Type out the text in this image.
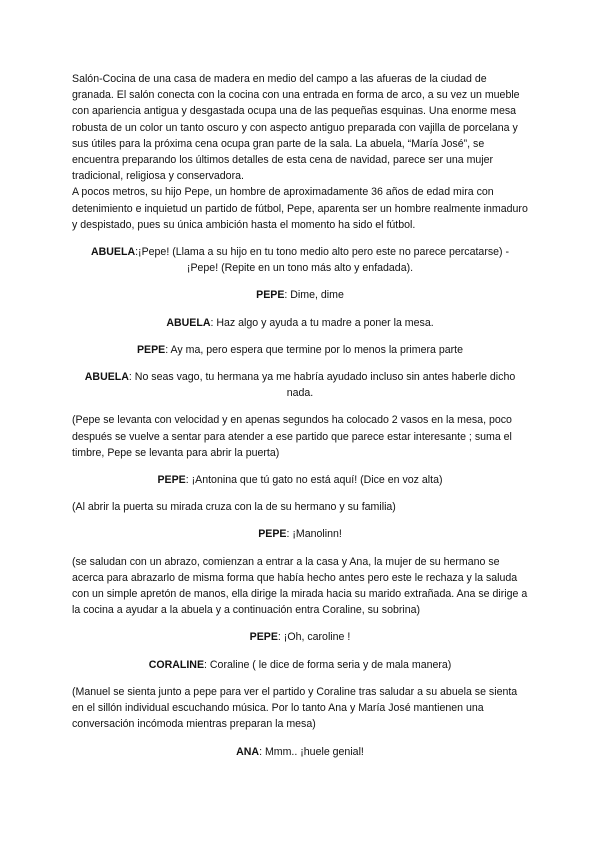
Salón-Cocina de una casa de madera en medio del campo a las afueras de la ciudad de granada. El salón conecta con la cocina con una entrada en forma de arco, a su vez un mueble con apariencia antigua y desgastada ocupa una de las pequeñas esquinas. Una enorme mesa robusta de un color un tanto oscuro y con aspecto antiguo preparada con vajilla de porcelana y sus útiles para la próxima cena ocupa gran parte de la sala. La abuela, “María José”, se encuentra preparando los últimos detalles de esta cena de navidad, parece ser una mujer tradicional, religiosa y conservadora.

A pocos metros, su hijo Pepe, un hombre de aproximadamente 36 años de edad mira con detenimiento e inquietud un partido de fútbol, Pepe, aparenta ser un hombre realmente inmaduro y despistado, pues su única ambición hasta el momento ha sido el fútbol.

ABUELA:¡Pepe! (Llama a su hijo en tu tono medio alto pero este no parece percatarse) - ¡Pepe! (Repite en un tono más alto y enfadada).

PEPE: Dime, dime

ABUELA: Haz algo y ayuda a tu madre a poner la mesa.

PEPE: Ay ma, pero espera que termine por lo menos la primera parte

ABUELA: No seas vago, tu hermana ya me habría ayudado incluso sin antes haberle dicho nada.

(Pepe se levanta con velocidad y en apenas segundos ha colocado 2 vasos en la mesa, poco después se vuelve a sentar para atender a ese partido que parece estar interesante ; suma el timbre, Pepe se levanta para abrir la puerta)

PEPE: ¡Antonina que tú gato no está aquí! (Dice en voz alta)

(Al abrir la puerta su mirada cruza con la de su hermano y su familia)

PEPE: ¡Manolinn!

(se saludan con un abrazo, comienzan a entrar a la casa y Ana, la mujer de su hermano se acerca para abrazarlo de misma forma que había hecho antes pero este le rechaza y la saluda con un simple apretón de manos, ella dirige la mirada hacia su marido extrañada. Ana se dirige a la cocina a ayudar a la abuela y a continuación entra Coraline, su sobrina)

PEPE: ¡Oh, caroline !

CORALINE: Coraline ( le dice de forma seria y de mala manera)

(Manuel se sienta junto a pepe para ver el partido y Coraline tras saludar a su abuela se sienta en el sillón individual escuchando música. Por lo tanto Ana y María José mantienen una conversación incómoda mientras preparan la mesa)

ANA: Mmm.. ¡huele genial!
